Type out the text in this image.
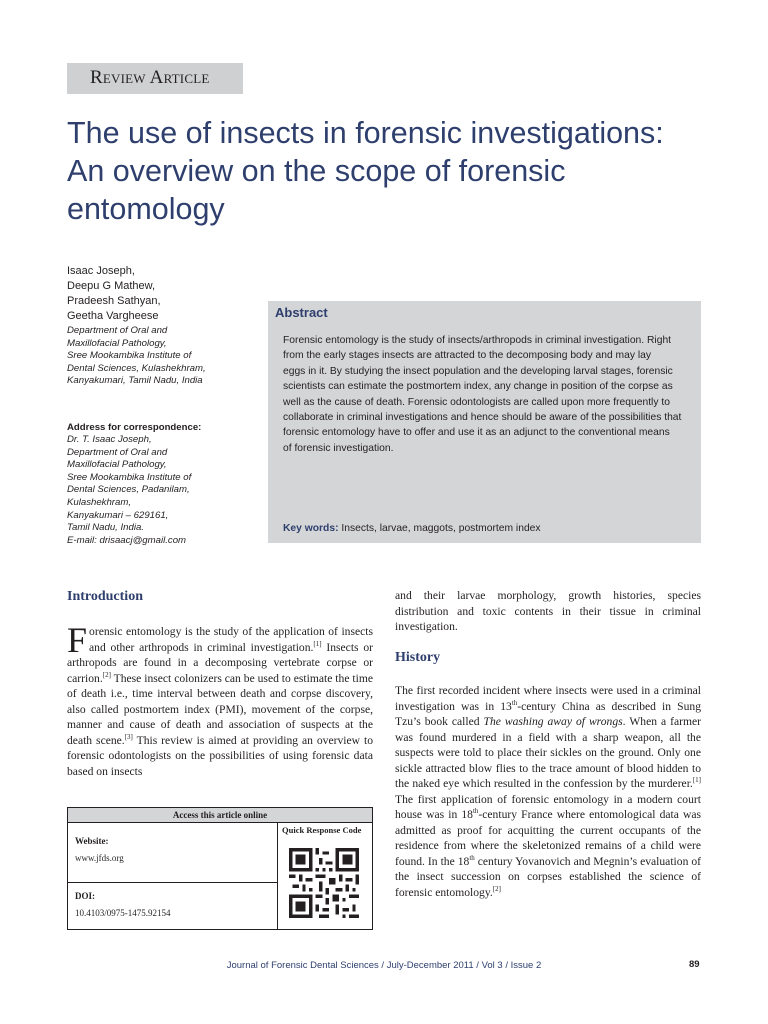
Review Article
The use of insects in forensic investigations:
An overview on the scope of forensic
entomology
Isaac Joseph,
Deepu G Mathew,
Pradeesh Sathyan,
Geetha Vargheese
Department of Oral and
Maxillofacial Pathology,
Sree Mookambika Institute of
Dental Sciences, Kulashekhram,
Kanyakumari, Tamil Nadu, India
Address for correspondence:
Dr. T. Isaac Joseph,
Department of Oral and
Maxillofacial Pathology,
Sree Mookambika Institute of
Dental Sciences, Padanilam,
Kulashekhram,
Kanyakumari – 629161,
Tamil Nadu, India.
E-mail: drisaacj@gmail.com
Abstract
Forensic entomology is the study of insects/arthropods in criminal investigation. Right
from the early stages insects are attracted to the decomposing body and may lay
eggs in it. By studying the insect population and the developing larval stages, forensic
scientists can estimate the postmortem index, any change in position of the corpse as
well as the cause of death. Forensic odontologists are called upon more frequently to
collaborate in criminal investigations and hence should be aware of the possibilities that
forensic entomology have to offer and use it as an adjunct to the conventional means
of forensic investigation.
Key words: Insects, larvae, maggots, postmortem index
Introduction
Forensic entomology is the study of the application of insects and other arthropods in criminal investigation.[1] Insects or arthropods are found in a decomposing vertebrate corpse or carrion.[2] These insect colonizers can be used to estimate the time of death i.e., time interval between death and corpse discovery, also called postmortem index (PMI), movement of the corpse, manner and cause of death and association of suspects at the death scene.[3] This review is aimed at providing an overview to forensic odontologists on the possibilities of using forensic data based on insects
Access this article online
Quick Response Code
Website:
www.jfds.org
DOI:
10.4103/0975-1475.92154
and their larvae morphology, growth histories, species distribution and toxic contents in their tissue in criminal investigation.
History
The first recorded incident where insects were used in a criminal investigation was in 13th-century China as described in Sung Tzu’s book called The washing away of wrongs. When a farmer was found murdered in a field with a sharp weapon, all the suspects were told to place their sickles on the ground. Only one sickle attracted blow flies to the trace amount of blood hidden to the naked eye which resulted in the confession by the murderer.[1] The first application of forensic entomology in a modern court house was in 18th-century France where entomological data was admitted as proof for acquitting the current occupants of the residence from where the skeletonized remains of a child were found. In the 18th century Yovanovich and Megnin’s evaluation of the insect succession on corpses established the science of forensic entomology.[2]
Journal of Forensic Dental Sciences / July-December 2011 / Vol 3 / Issue 2	89
